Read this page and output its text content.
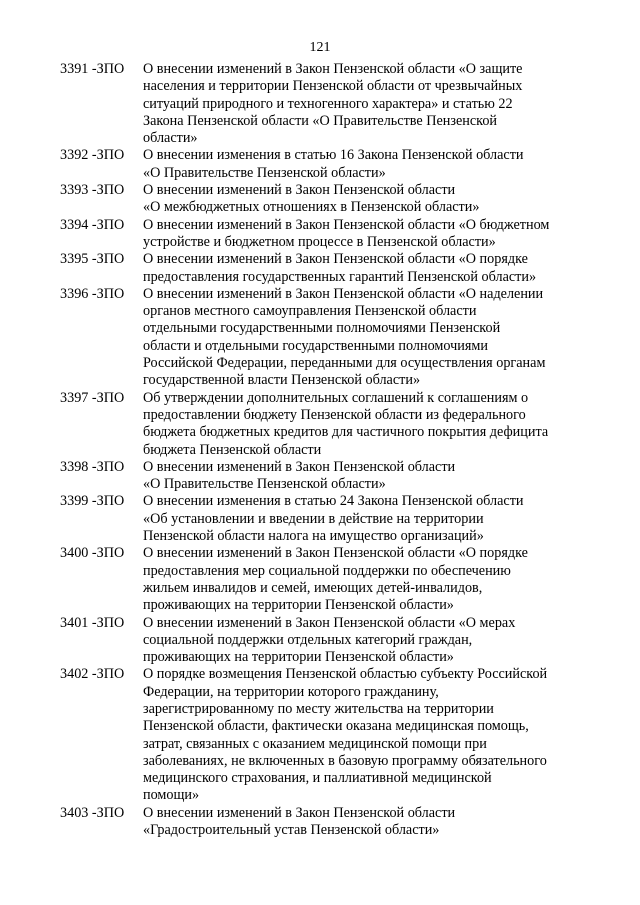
121
3391 -ЗПО О внесении изменений в Закон Пензенской области «О защите
населения и территории Пензенской области от чрезвычайных
ситуаций природного и техногенного характера» и статью 22
Закона Пензенской области «О Правительстве Пензенской
области»
3392 -ЗПО О внесении изменения в статью 16 Закона Пензенской области
«О Правительстве Пензенской области»
3393 -ЗПО О внесении изменений в Закон Пензенской области
«О межбюджетных отношениях в Пензенской области»
3394 -ЗПО О внесении изменений в Закон Пензенской области «О бюджетном
устройстве и бюджетном процессе в Пензенской области»
3395 -ЗПО О внесении изменений в Закон Пензенской области «О порядке
предоставления государственных гарантий Пензенской области»
3396 -ЗПО О внесении изменений в Закон Пензенской области «О наделении
органов местного самоуправления Пензенской области
отдельными государственными полномочиями Пензенской
области и отдельными государственными полномочиями
Российской Федерации, переданными для осуществления органам
государственной власти Пензенской области»
3397 -ЗПО Об утверждении дополнительных соглашений к соглашениям о
предоставлении бюджету Пензенской области из федерального
бюджета бюджетных кредитов для частичного покрытия дефицита
бюджета Пензенской области
3398 -ЗПО О внесении изменений в Закон Пензенской области
«О Правительстве Пензенской области»
3399 -ЗПО О внесении изменения в статью 24 Закона Пензенской области
«Об установлении и введении в действие на территории
Пензенской области налога на имущество организаций»
3400 -ЗПО О внесении изменений в Закон Пензенской области «О порядке
предоставления мер социальной поддержки по обеспечению
жильем инвалидов и семей, имеющих детей-инвалидов,
проживающих на территории Пензенской области»
3401 -ЗПО О внесении изменений в Закон Пензенской области «О мерах
социальной поддержки отдельных категорий граждан,
проживающих на территории Пензенской области»
3402 -ЗПО О порядке возмещения Пензенской областью субъекту Российской
Федерации, на территории которого гражданину,
зарегистрированному по месту жительства на территории
Пензенской области, фактически оказана медицинская помощь,
затрат, связанных с оказанием медицинской помощи при
заболеваниях, не включенных в базовую программу обязательного
медицинского страхования, и паллиативной медицинской
помощи»
3403 -ЗПО О внесении изменений в Закон Пензенской области
«Градостроительный устав Пензенской области»
